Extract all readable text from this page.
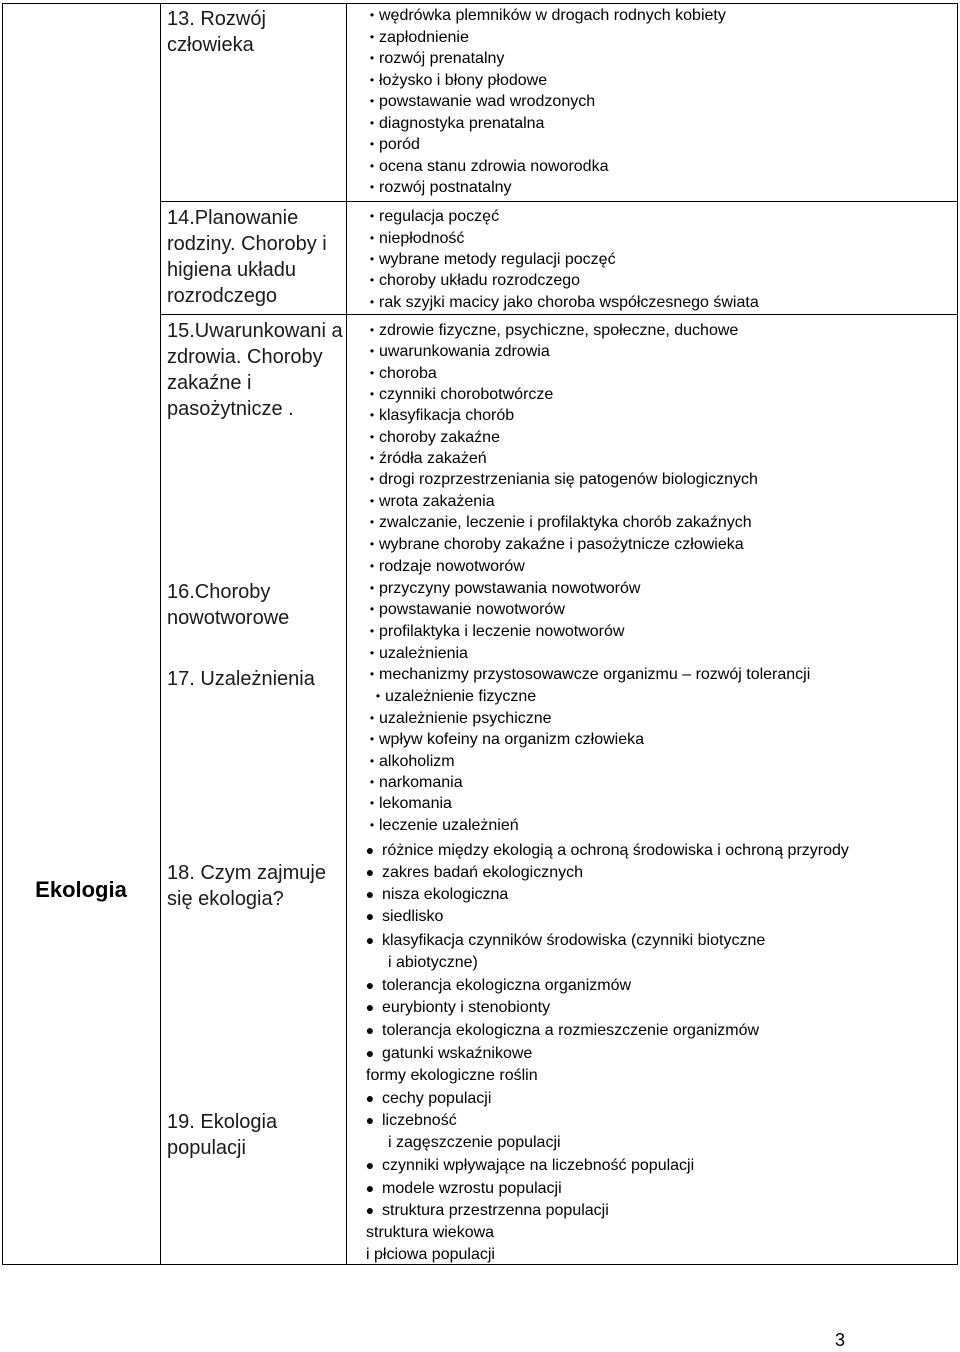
Ekologia
13. Rozwój człowieka
14.Planowanie rodziny. Choroby i higiena układu rozrodczego
15.Uwarunkowani a zdrowia. Choroby zakaźne i pasożytnicze .
16.Choroby nowotworowe
17. Uzależnienia
18. Czym zajmuje się ekologia?
19. Ekologia populacji
• wędrówka plemników w drogach rodnych kobiety
• zapłodnienie
• rozwój prenatalny
• łożysko i błony płodowe
• powstawanie wad wrodzonych
• diagnostyka prenatalna
• poród
• ocena stanu zdrowia noworodka
• rozwój postnatalny
• regulacja poczęć
• niepłodność
• wybrane metody regulacji poczęć
• choroby układu rozrodczego
• rak szyjki macicy jako choroba współczesnego świata
• zdrowie fizyczne, psychiczne, społeczne, duchowe
• uwarunkowania zdrowia
• choroba
• czynniki chorobotwórcze
• klasyfikacja chorób
• choroby zakaźne
• źródła zakażeń
• drogi rozprzestrzeniania się patogenów biologicznych
• wrota zakażenia
• zwalczanie, leczenie i profilaktyka chorób zakaźnych
• wybrane choroby zakaźne i pasożytnicze człowieka
• rodzaje nowotworów
• przyczyny powstawania nowotworów
• powstawanie nowotworów
• profilaktyka i leczenie nowotworów
• uzależnienia
• mechanizmy przystosowawcze organizmu – rozwój tolerancji
• uzależnienie fizyczne
• uzależnienie psychiczne
• wpływ kofeiny na organizm człowieka
• alkoholizm
• narkomania
• lekomania
• leczenie uzależnień
● różnice między ekologią a ochroną środowiska i ochroną przyrody
● zakres badań ekologicznych
● nisza ekologiczna
● siedlisko
● klasyfikacja czynników środowiska (czynniki biotyczne
i abiotyczne)
● tolerancja ekologiczna organizmów
● eurybionty i stenobionty
● tolerancja ekologiczna a rozmieszczenie organizmów
● gatunki wskaźnikowe
formy ekologiczne roślin
● cechy populacji
● liczebność
i zagęszczenie populacji
● czynniki wpływające na liczebność populacji
● modele wzrostu populacji
● struktura przestrzenna populacji
struktura wiekowa
i płciowa populacji
3
